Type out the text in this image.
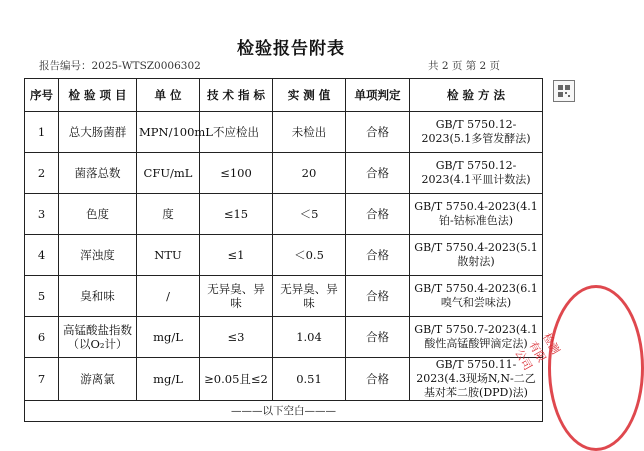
检验报告附表
报告编号：2025-WTSZ0006302	共 2 页 第 2 页
序号	检 验 项 目	单 位	技 术 指 标	实 测 值	单项判定	检 验 方 法
1	总大肠菌群	MPN/100mL	不应检出	未检出	合格	GB/T 5750.12-2023(5.1多管发酵法)
2	菌落总数	CFU/mL	≤100	20	合格	GB/T 5750.12-2023(4.1平皿计数法)
3	色度	度	≤15	＜5	合格	GB/T 5750.4-2023(4.1铂-钴标准色法)
4	浑浊度	NTU	≤1	＜0.5	合格	GB/T 5750.4-2023(5.1散射法)
5	臭和味	/	无异臭、异味	无异臭、异味	合格	GB/T 5750.4-2023(6.1嗅气和尝味法)
6	高锰酸盐指数（以O₂计）	mg/L	≤3	1.04	合格	GB/T 5750.7-2023(4.1酸性高锰酸钾滴定法)
7	游离氯	mg/L	≥0.05且≤2	0.51	合格	GB/T 5750.11-2023(4.3现场N,N-二乙基对苯二胺(DPD)法)
———以下空白———						
检测有限公司
